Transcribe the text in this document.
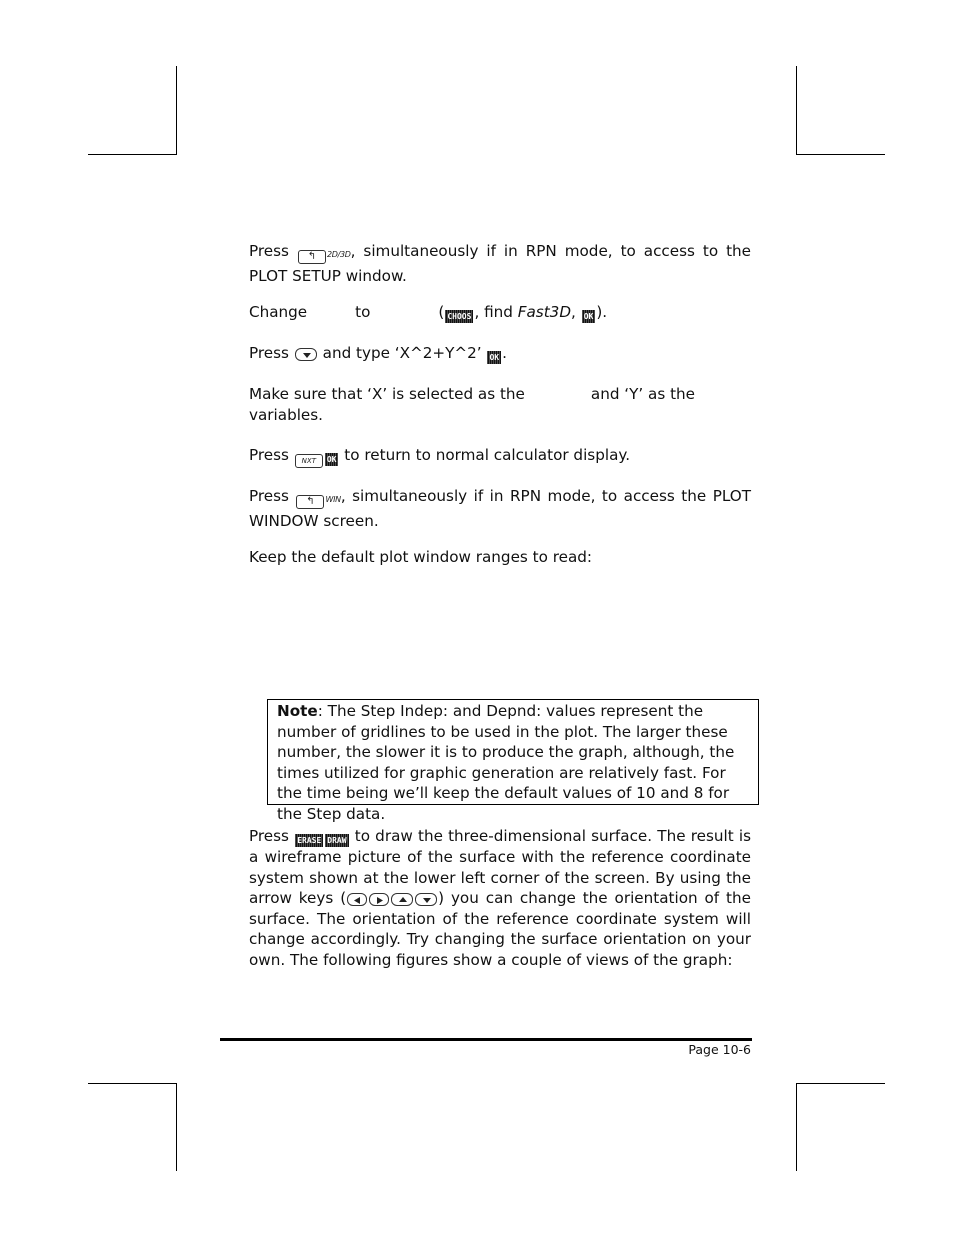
Press ↰ 2D/3D, simultaneously if in RPN mode, to access to the PLOT SETUP window.

Change	to	( CHOOS , find Fast3D, OK ).

Press
and type ‘X^2+Y^2’ OK .

Make sure that ‘X’ is selected as the	and ‘Y’ as the
variables.

Press NXT OK to return to normal calculator display.

Press ↰ WIN, simultaneously if in RPN mode, to access the PLOT WINDOW screen.

Keep the default plot window ranges to read:

Note: The Step Indep: and Depnd: values represent the number of gridlines to be used in the plot. The larger these number, the slower it is to produce the graph, although, the times utilized for graphic generation are relatively fast. For the time being we’ll keep the default values of 10 and 8 for the Step data.

Press ERASE DRAW to draw the three-dimensional surface. The result is a wireframe picture of the surface with the reference coordinate system shown at the lower left corner of the screen. By using the arrow keys (	) you can change the orientation of the surface. The orientation of the reference coordinate system will change accordingly. Try changing the surface orientation on your own. The following figures show a couple of views of the graph:

Page 10-6
